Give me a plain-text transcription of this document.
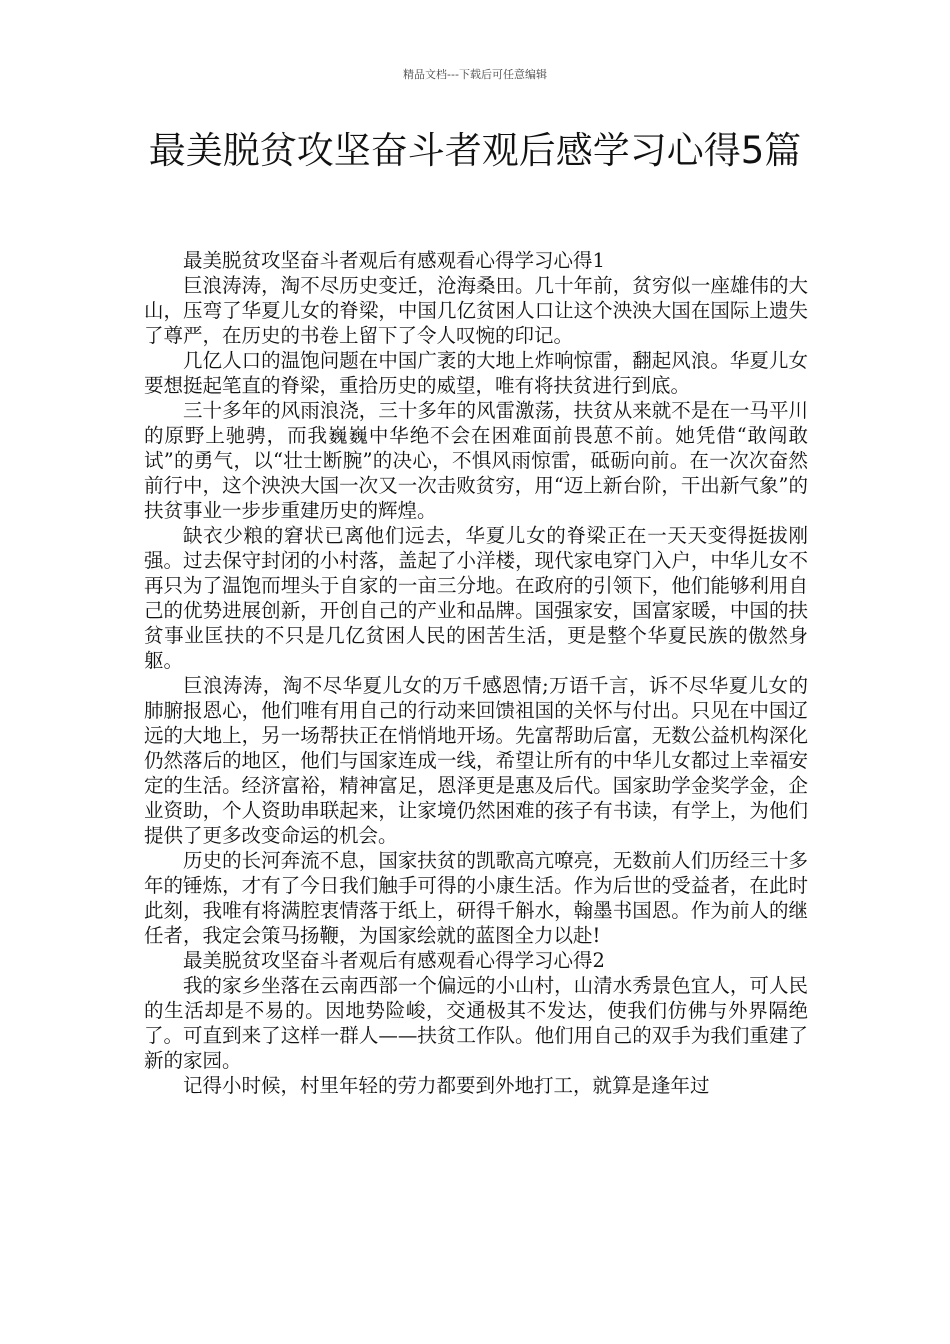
精品文档---下载后可任意编辑
最美脱贫攻坚奋斗者观后感学习心得5篇

最美脱贫攻坚奋斗者观后有感观看心得学习心得1

巨浪涛涛，淘不尽历史变迁，沧海桑田。几十年前，贫穷似一座雄伟的大山，压弯了华夏儿女的脊梁，中国几亿贫困人口让这个泱泱大国在国际上遗失了尊严，在历史的书卷上留下了令人叹惋的印记。

几亿人口的温饱问题在中国广袤的大地上炸响惊雷，翻起风浪。华夏儿女要想挺起笔直的脊梁，重拾历史的威望，唯有将扶贫进行到底。

三十多年的风雨浪浇，三十多年的风雷激荡，扶贫从来就不是在一马平川的原野上驰骋，而我巍巍中华绝不会在困难面前畏葸不前。她凭借“敢闯敢试”的勇气，以“壮士断腕”的决心，不惧风雨惊雷，砥砺向前。在一次次奋然前行中，这个泱泱大国一次又一次击败贫穷，用“迈上新台阶，干出新气象”的扶贫事业一步步重建历史的辉煌。

缺衣少粮的窘状已离他们远去，华夏儿女的脊梁正在一天天变得挺拔刚强。过去保守封闭的小村落，盖起了小洋楼，现代家电穿门入户，中华儿女不再只为了温饱而埋头于自家的一亩三分地。在政府的引领下，他们能够利用自己的优势进展创新，开创自己的产业和品牌。国强家安，国富家暖，中国的扶贫事业匡扶的不只是几亿贫困人民的困苦生活，更是整个华夏民族的傲然身躯。

巨浪涛涛，淘不尽华夏儿女的万千感恩情;万语千言，诉不尽华夏儿女的肺腑报恩心，他们唯有用自己的行动来回馈祖国的关怀与付出。只见在中国辽远的大地上，另一场帮扶正在悄悄地开场。先富帮助后富，无数公益机构深化仍然落后的地区，他们与国家连成一线，希望让所有的中华儿女都过上幸福安定的生活。经济富裕，精神富足，恩泽更是惠及后代。国家助学金奖学金，企业资助，个人资助串联起来，让家境仍然困难的孩子有书读，有学上，为他们提供了更多改变命运的机会。

历史的长河奔流不息，国家扶贫的凯歌高亢嘹亮，无数前人们历经三十多年的锤炼，才有了今日我们触手可得的小康生活。作为后世的受益者，在此时此刻，我唯有将满腔衷情落于纸上，研得千斛水，翰墨书国恩。作为前人的继任者，我定会策马扬鞭，为国家绘就的蓝图全力以赴!

最美脱贫攻坚奋斗者观后有感观看心得学习心得2

我的家乡坐落在云南西部一个偏远的小山村，山清水秀景色宜人，可人民的生活却是不易的。因地势险峻，交通极其不发达，使我们仿佛与外界隔绝了。可直到来了这样一群人——扶贫工作队。他们用自己的双手为我们重建了新的家园。

记得小时候，村里年轻的劳力都要到外地打工，就算是逢年过
